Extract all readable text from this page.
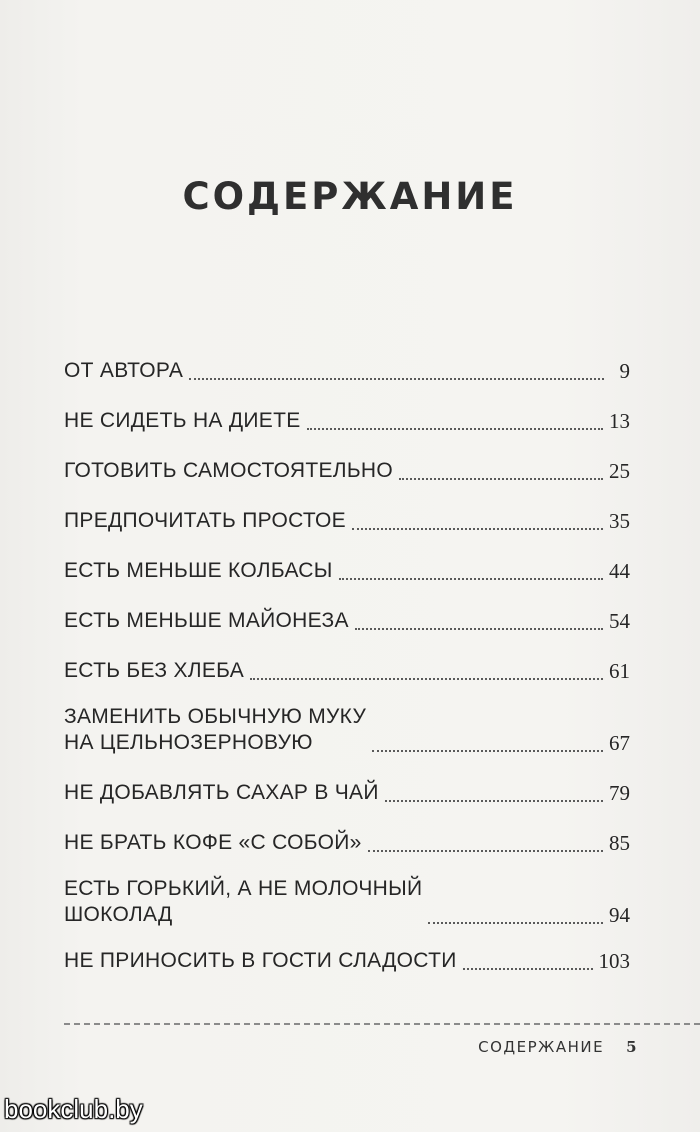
СОДЕРЖАНИЕ
ОТ АВТОРА	9
НЕ СИДЕТЬ НА ДИЕТЕ	13
ГОТОВИТЬ САМОСТОЯТЕЛЬНО	25
ПРЕДПОЧИТАТЬ ПРОСТОЕ	35
ЕСТЬ МЕНЬШЕ КОЛБАСЫ	44
ЕСТЬ МЕНЬШЕ МАЙОНЕЗА	54
ЕСТЬ БЕЗ ХЛЕБА	61
ЗАМЕНИТЬ ОБЫЧНУЮ МУКУ
НА ЦЕЛЬНОЗЕРНОВУЮ	67
НЕ ДОБАВЛЯТЬ САХАР В ЧАЙ	79
НЕ БРАТЬ КОФЕ «С СОБОЙ»	85
ЕСТЬ ГОРЬКИЙ, А НЕ МОЛОЧНЫЙ
ШОКОЛАД	94
НЕ ПРИНОСИТЬ В ГОСТИ СЛАДОСТИ	103
СОДЕРЖАНИЕ 5
bookclub.by
